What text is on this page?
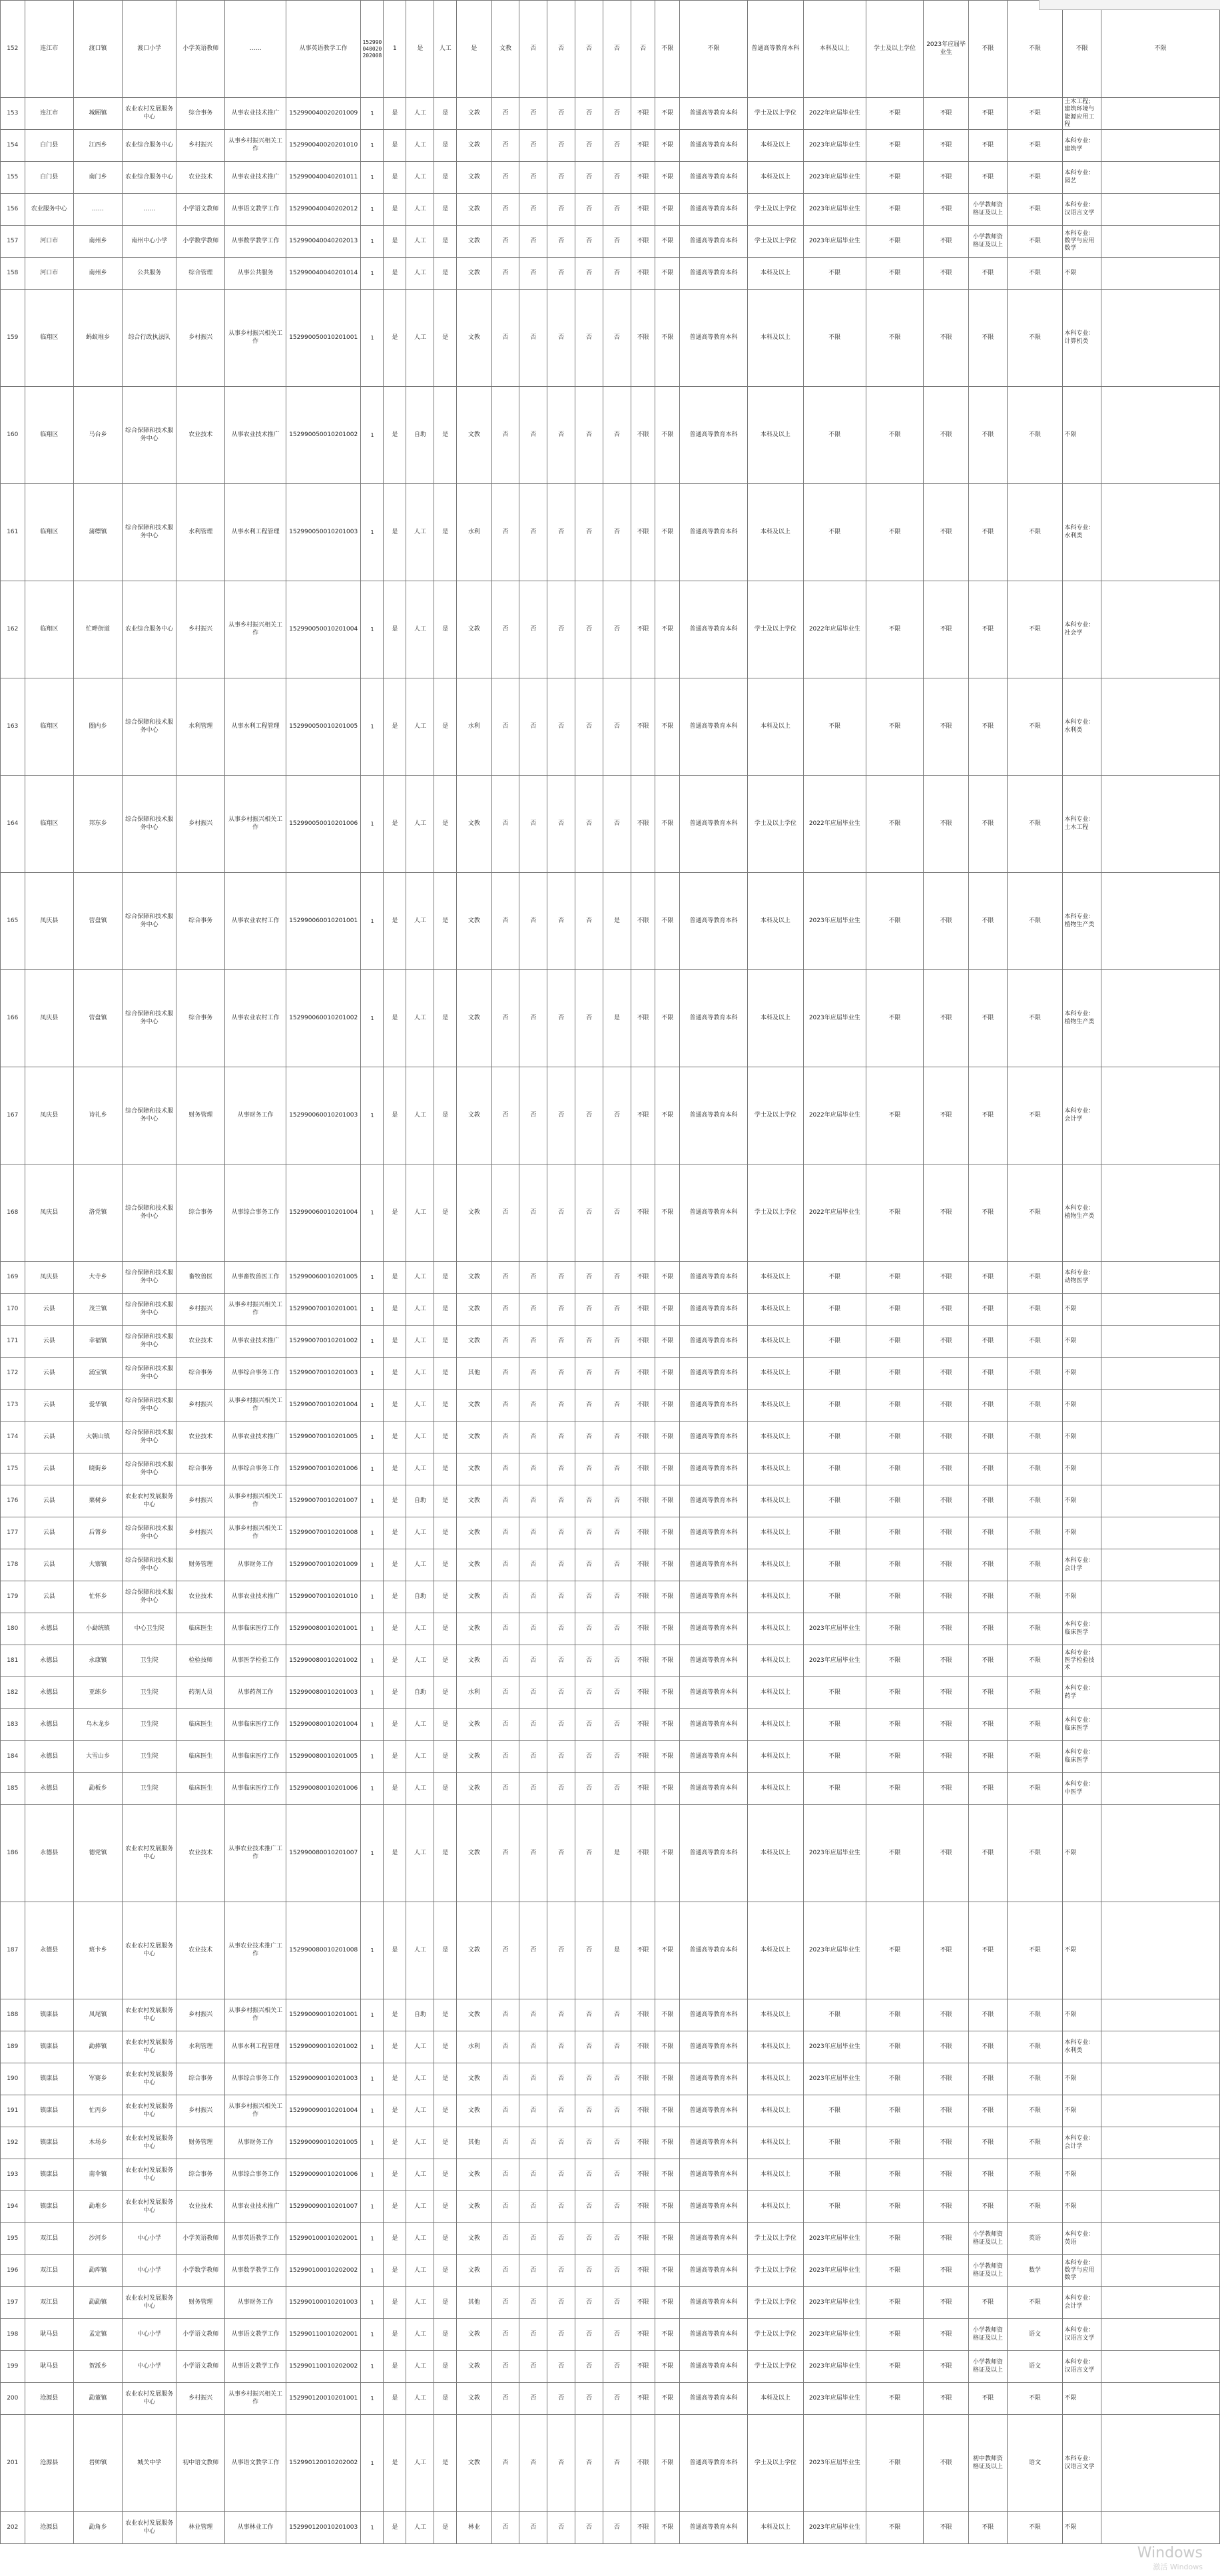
152	连江市	渡口镇	渡口小学	小学英语教师	……	从事英语教学工作	152990040020202008	1	是	人工	是	文教	否	否	否	否	否	不限	不限	普通高等教育本科	本科及以上	学士及以上学位	2023年应届毕业生	不限	不限	不限	不限
153	连江市	城厢镇	农业农村发展服务中心	综合事务	从事农业技术推广	152990040020201009	1	是	人工	是	文教	否	否	否	否	否	不限	不限	普通高等教育本科	学士及以上学位	2022年应届毕业生	不限	不限	不限	不限	土木工程；建筑环境与能源应用工程	
154	白门县	江西乡	农业综合服务中心	乡村振兴	从事乡村振兴相关工作	152990040020201010	1	是	人工	是	文教	否	否	否	否	否	不限	不限	普通高等教育本科	本科及以上	2023年应届毕业生	不限	不限	不限	不限	本科专业：建筑学	
155	白门县	南门乡	农业综合服务中心	农业技术	从事农业技术推广	152990040040201011	1	是	人工	是	文教	否	否	否	否	否	不限	不限	普通高等教育本科	本科及以上	2023年应届毕业生	不限	不限	不限	不限	本科专业：园艺	
156	农业服务中心	……	……	小学语文教师	从事语文教学工作	152990040040202012	1	是	人工	是	文教	否	否	否	否	否	不限	不限	普通高等教育本科	学士及以上学位	2023年应届毕业生	不限	不限	小学教师资格证及以上	不限	本科专业：汉语言文学	
157	河口市	南州乡	南州中心小学	小学数学教师	从事数学教学工作	152990040040202013	1	是	人工	是	文教	否	否	否	否	否	不限	不限	普通高等教育本科	学士及以上学位	2023年应届毕业生	不限	不限	小学教师资格证及以上	不限	本科专业：数学与应用数学	
158	河口市	南州乡	公共服务	综合管理	从事公共服务	152990040040201014	1	是	人工	是	文教	否	否	否	否	否	不限	不限	普通高等教育本科	本科及以上	不限	不限	不限	不限	不限	不限	
159	临翔区	蚂蚁堆乡	综合行政执法队	乡村振兴	从事乡村振兴相关工作	152990050010201001	1	是	人工	是	文教	否	否	否	否	否	不限	不限	普通高等教育本科	本科及以上	不限	不限	不限	不限	不限	本科专业：计算机类	
160	临翔区	马台乡	综合保障和技术服务中心	农业技术	从事农业技术推广	152990050010201002	1	是	自助	是	文教	否	否	否	否	否	不限	不限	普通高等教育本科	本科及以上	不限	不限	不限	不限	不限	不限	
161	临翔区	蒲缥镇	综合保障和技术服务中心	水利管理	从事水利工程管理	152990050010201003	1	是	人工	是	水利	否	否	否	否	否	不限	不限	普通高等教育本科	本科及以上	不限	不限	不限	不限	不限	本科专业：水利类	
162	临翔区	忙畔街道	农业综合服务中心	乡村振兴	从事乡村振兴相关工作	152990050010201004	1	是	人工	是	文教	否	否	否	否	否	不限	不限	普通高等教育本科	学士及以上学位	2022年应届毕业生	不限	不限	不限	不限	本科专业：社会学	
163	临翔区	圈内乡	综合保障和技术服务中心	水利管理	从事水利工程管理	152990050010201005	1	是	人工	是	水利	否	否	否	否	否	不限	不限	普通高等教育本科	本科及以上	不限	不限	不限	不限	不限	本科专业：水利类	
164	临翔区	邦东乡	综合保障和技术服务中心	乡村振兴	从事乡村振兴相关工作	152990050010201006	1	是	人工	是	文教	否	否	否	否	否	不限	不限	普通高等教育本科	学士及以上学位	2022年应届毕业生	不限	不限	不限	不限	本科专业：土木工程	
165	凤庆县	营盘镇	综合保障和技术服务中心	综合事务	从事农业农村工作	152990060010201001	1	是	人工	是	文教	否	否	否	否	是	不限	不限	普通高等教育本科	本科及以上	2023年应届毕业生	不限	不限	不限	不限	本科专业：植物生产类	
166	凤庆县	营盘镇	综合保障和技术服务中心	综合事务	从事农业农村工作	152990060010201002	1	是	人工	是	文教	否	否	否	否	是	不限	不限	普通高等教育本科	本科及以上	2023年应届毕业生	不限	不限	不限	不限	本科专业：植物生产类	
167	凤庆县	诗礼乡	综合保障和技术服务中心	财务管理	从事财务工作	152990060010201003	1	是	人工	是	文教	否	否	否	否	否	不限	不限	普通高等教育本科	学士及以上学位	2022年应届毕业生	不限	不限	不限	不限	本科专业：会计学	
168	凤庆县	洛党镇	综合保障和技术服务中心	综合事务	从事综合事务工作	152990060010201004	1	是	人工	是	文教	否	否	否	否	否	不限	不限	普通高等教育本科	学士及以上学位	2022年应届毕业生	不限	不限	不限	不限	本科专业：植物生产类	
169	凤庆县	大寺乡	综合保障和技术服务中心	畜牧兽医	从事畜牧兽医工作	152990060010201005	1	是	人工	是	文教	否	否	否	否	否	不限	不限	普通高等教育本科	本科及以上	不限	不限	不限	不限	不限	本科专业：动物医学	
170	云县	茂兰镇	综合保障和技术服务中心	乡村振兴	从事乡村振兴相关工作	152990070010201001	1	是	人工	是	文教	否	否	否	否	否	不限	不限	普通高等教育本科	本科及以上	不限	不限	不限	不限	不限	不限	
171	云县	幸福镇	综合保障和技术服务中心	农业技术	从事农业技术推广	152990070010201002	1	是	人工	是	文教	否	否	否	否	否	不限	不限	普通高等教育本科	本科及以上	不限	不限	不限	不限	不限	不限	
172	云县	涌宝镇	综合保障和技术服务中心	综合事务	从事综合事务工作	152990070010201003	1	是	人工	是	其他	否	否	否	否	否	不限	不限	普通高等教育本科	本科及以上	不限	不限	不限	不限	不限	不限	
173	云县	爱华镇	综合保障和技术服务中心	乡村振兴	从事乡村振兴相关工作	152990070010201004	1	是	人工	是	文教	否	否	否	否	否	不限	不限	普通高等教育本科	本科及以上	不限	不限	不限	不限	不限	不限	
174	云县	大朝山镇	综合保障和技术服务中心	农业技术	从事农业技术推广	152990070010201005	1	是	人工	是	文教	否	否	否	否	否	不限	不限	普通高等教育本科	本科及以上	不限	不限	不限	不限	不限	不限	
175	云县	晓街乡	综合保障和技术服务中心	综合事务	从事综合事务工作	152990070010201006	1	是	人工	是	文教	否	否	否	否	否	不限	不限	普通高等教育本科	本科及以上	不限	不限	不限	不限	不限	不限	
176	云县	栗树乡	农业农村发展服务中心	乡村振兴	从事乡村振兴相关工作	152990070010201007	1	是	自助	是	文教	否	否	否	否	否	不限	不限	普通高等教育本科	本科及以上	不限	不限	不限	不限	不限	不限	
177	云县	后箐乡	综合保障和技术服务中心	乡村振兴	从事乡村振兴相关工作	152990070010201008	1	是	人工	是	文教	否	否	否	否	否	不限	不限	普通高等教育本科	本科及以上	不限	不限	不限	不限	不限	不限	
178	云县	大寨镇	综合保障和技术服务中心	财务管理	从事财务工作	152990070010201009	1	是	人工	是	文教	否	否	否	否	否	不限	不限	普通高等教育本科	本科及以上	不限	不限	不限	不限	不限	本科专业：会计学	
179	云县	忙怀乡	综合保障和技术服务中心	农业技术	从事农业技术推广	152990070010201010	1	是	自助	是	文教	否	否	否	否	否	不限	不限	普通高等教育本科	本科及以上	不限	不限	不限	不限	不限	不限	
180	永德县	小勐统镇	中心卫生院	临床医生	从事临床医疗工作	152990080010201001	1	是	人工	是	文教	否	否	否	否	否	不限	不限	普通高等教育本科	本科及以上	2023年应届毕业生	不限	不限	不限	不限	本科专业：临床医学	
181	永德县	永康镇	卫生院	检验技师	从事医学检验工作	152990080010201002	1	是	人工	是	文教	否	否	否	否	否	不限	不限	普通高等教育本科	本科及以上	2023年应届毕业生	不限	不限	不限	不限	本科专业：医学检验技术	
182	永德县	亚练乡	卫生院	药剂人员	从事药剂工作	152990080010201003	1	是	自助	是	水利	否	否	否	否	否	不限	不限	普通高等教育本科	本科及以上	不限	不限	不限	不限	不限	本科专业：药学	
183	永德县	乌木龙乡	卫生院	临床医生	从事临床医疗工作	152990080010201004	1	是	人工	是	文教	否	否	否	否	否	不限	不限	普通高等教育本科	本科及以上	不限	不限	不限	不限	不限	本科专业：临床医学	
184	永德县	大雪山乡	卫生院	临床医生	从事临床医疗工作	152990080010201005	1	是	人工	是	文教	否	否	否	否	否	不限	不限	普通高等教育本科	本科及以上	不限	不限	不限	不限	不限	本科专业：临床医学	
185	永德县	勐板乡	卫生院	临床医生	从事临床医疗工作	152990080010201006	1	是	人工	是	文教	否	否	否	否	否	不限	不限	普通高等教育本科	本科及以上	不限	不限	不限	不限	不限	本科专业：中医学	
186	永德县	德党镇	农业农村发展服务中心	农业技术	从事农业技术推广工作	152990080010201007	1	是	人工	是	文教	否	否	否	否	是	不限	不限	普通高等教育本科	本科及以上	2023年应届毕业生	不限	不限	不限	不限	不限	
187	永德县	班卡乡	农业农村发展服务中心	农业技术	从事农业技术推广工作	152990080010201008	1	是	人工	是	文教	否	否	否	否	是	不限	不限	普通高等教育本科	本科及以上	2023年应届毕业生	不限	不限	不限	不限	不限	
188	镇康县	凤尾镇	农业农村发展服务中心	乡村振兴	从事乡村振兴相关工作	152990090010201001	1	是	自助	是	文教	否	否	否	否	否	不限	不限	普通高等教育本科	本科及以上	不限	不限	不限	不限	不限	不限	
189	镇康县	勐捧镇	农业农村发展服务中心	水利管理	从事水利工程管理	152990090010201002	1	是	人工	是	水利	否	否	否	否	否	不限	不限	普通高等教育本科	本科及以上	2023年应届毕业生	不限	不限	不限	不限	本科专业：水利类	
190	镇康县	军赛乡	农业农村发展服务中心	综合事务	从事综合事务工作	152990090010201003	1	是	人工	是	文教	否	否	否	否	否	不限	不限	普通高等教育本科	本科及以上	2023年应届毕业生	不限	不限	不限	不限	不限	
191	镇康县	忙丙乡	农业农村发展服务中心	乡村振兴	从事乡村振兴相关工作	152990090010201004	1	是	人工	是	文教	否	否	否	否	否	不限	不限	普通高等教育本科	本科及以上	不限	不限	不限	不限	不限	不限	
192	镇康县	木场乡	农业农村发展服务中心	财务管理	从事财务工作	152990090010201005	1	是	人工	是	其他	否	否	否	否	否	不限	不限	普通高等教育本科	本科及以上	不限	不限	不限	不限	不限	本科专业：会计学	
193	镇康县	南伞镇	农业农村发展服务中心	综合事务	从事综合事务工作	152990090010201006	1	是	人工	是	文教	否	否	否	否	否	不限	不限	普通高等教育本科	本科及以上	不限	不限	不限	不限	不限	不限	
194	镇康县	勐堆乡	农业农村发展服务中心	农业技术	从事农业技术推广	152990090010201007	1	是	人工	是	文教	否	否	否	否	否	不限	不限	普通高等教育本科	本科及以上	不限	不限	不限	不限	不限	不限	
195	双江县	沙河乡	中心小学	小学英语教师	从事英语教学工作	152990100010202001	1	是	人工	是	文教	否	否	否	否	否	不限	不限	普通高等教育本科	学士及以上学位	2023年应届毕业生	不限	不限	小学教师资格证及以上	英语	本科专业：英语	
196	双江县	勐库镇	中心小学	小学数学教师	从事数学教学工作	152990100010202002	1	是	人工	是	文教	否	否	否	否	否	不限	不限	普通高等教育本科	学士及以上学位	2023年应届毕业生	不限	不限	小学教师资格证及以上	数学	本科专业：数学与应用数学	
197	双江县	勐勐镇	农业农村发展服务中心	财务管理	从事财务工作	152990100010201003	1	是	人工	是	其他	否	否	否	否	否	不限	不限	普通高等教育本科	学士及以上学位	2023年应届毕业生	不限	不限	不限	不限	本科专业：会计学	
198	耿马县	孟定镇	中心小学	小学语文教师	从事语文教学工作	152990110010202001	1	是	人工	是	文教	否	否	否	否	否	不限	不限	普通高等教育本科	学士及以上学位	2023年应届毕业生	不限	不限	小学教师资格证及以上	语文	本科专业：汉语言文学	
199	耿马县	贺派乡	中心小学	小学语文教师	从事语文教学工作	152990110010202002	1	是	人工	是	文教	否	否	否	否	否	不限	不限	普通高等教育本科	学士及以上学位	2023年应届毕业生	不限	不限	小学教师资格证及以上	语文	本科专业：汉语言文学	
200	沧源县	勐董镇	农业农村发展服务中心	乡村振兴	从事乡村振兴相关工作	152990120010201001	1	是	人工	是	文教	否	否	否	否	否	不限	不限	普通高等教育本科	本科及以上	2023年应届毕业生	不限	不限	不限	不限	不限	
201	沧源县	岩帅镇	城关中学	初中语文教师	从事语文教学工作	152990120010202002	1	是	人工	是	文教	否	否	否	否	否	不限	不限	普通高等教育本科	学士及以上学位	2023年应届毕业生	不限	不限	初中教师资格证及以上	语文	本科专业：汉语言文学	
202	沧源县	勐角乡	农业农村发展服务中心	林业管理	从事林业工作	152990120010201003	1	是	人工	是	林业	否	否	否	否	否	不限	不限	普通高等教育本科	本科及以上	2023年应届毕业生	不限	不限	不限	不限	不限	
Windows
激活 Windows
